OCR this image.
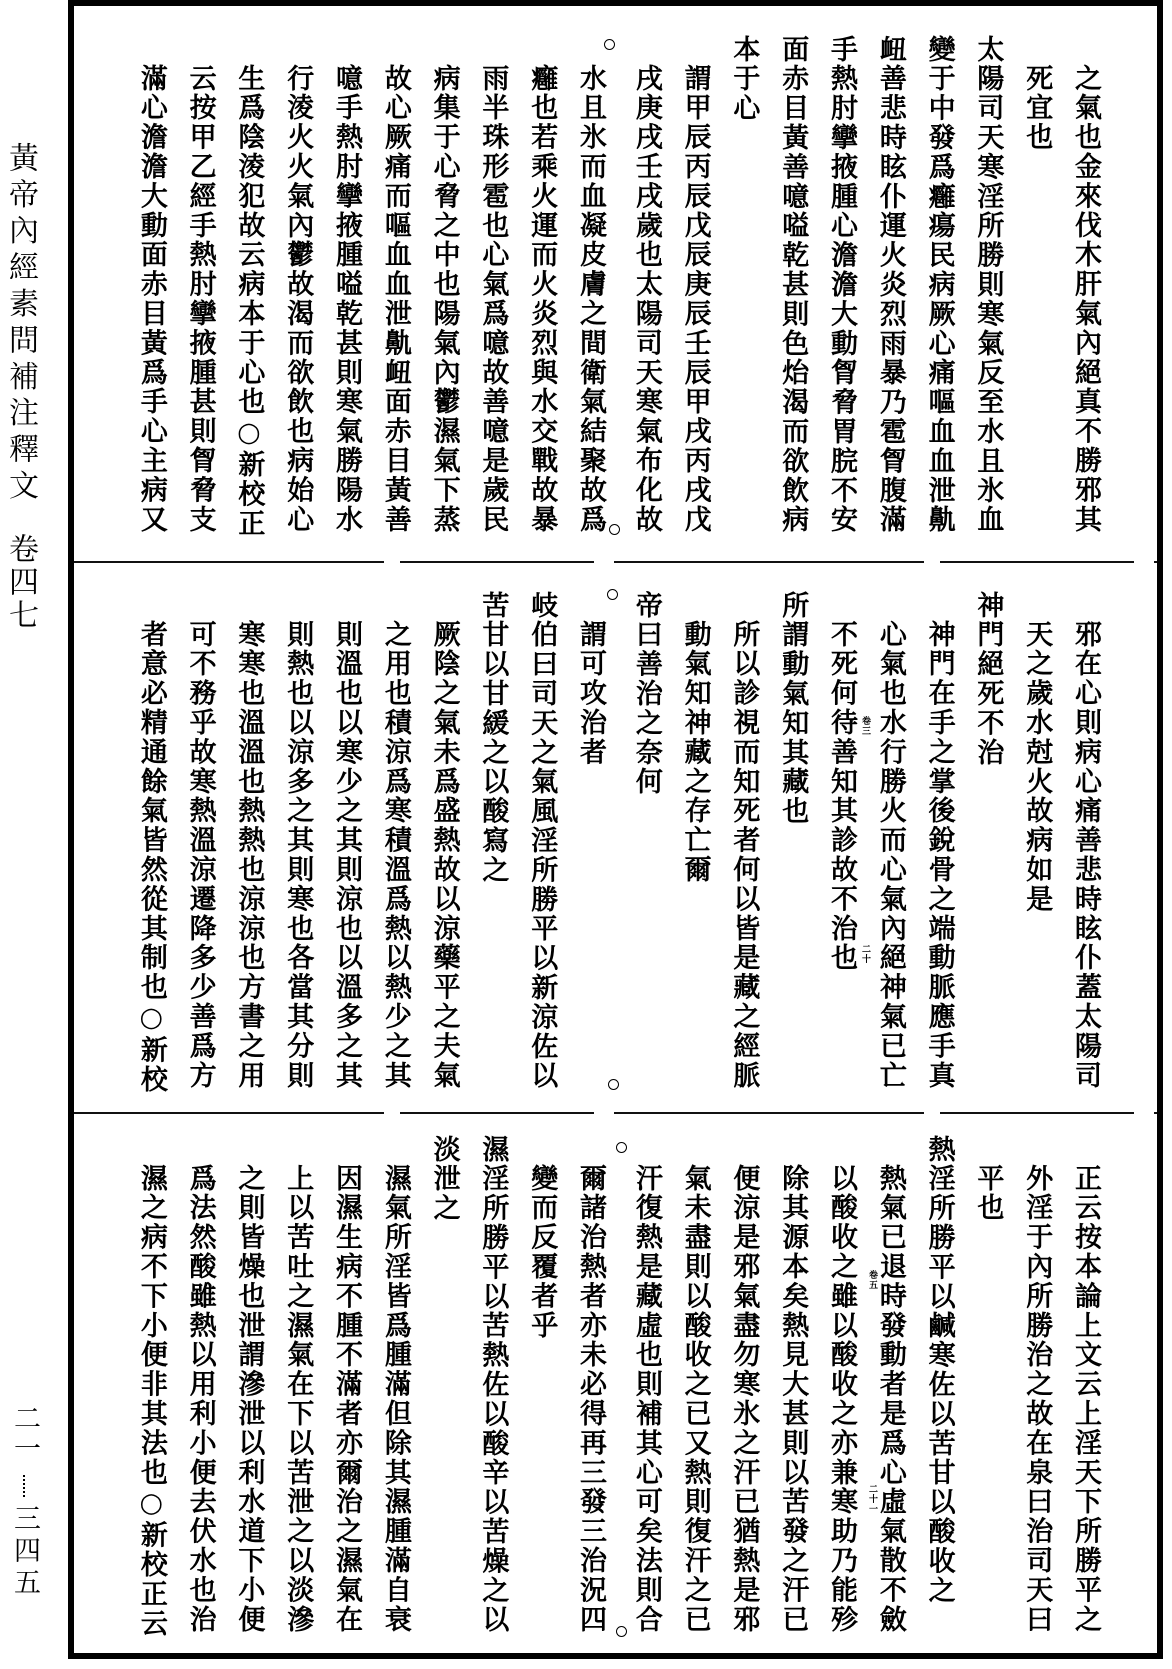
黃帝內經素問補注釋文
卷四七
二一
三四五
之氣也金來伐木肝氣內絕真不勝邪其
死宜也
太陽司天寒淫所勝則寒氣反至水且氷血
變于中發爲癰瘍民病厥心痛嘔血血泄鼽
衄善悲時眩仆運火炎烈雨暴乃雹胷腹滿
手熱肘攣掖腫心澹澹大動胷脅胃脘不安
面赤目黃善噫嗌乾甚則色炲渴而欲飲病
本于心
謂甲辰丙辰戊辰庚辰壬辰甲戌丙戌戊
戌庚戌壬戌歲也太陽司天寒氣布化故
水且氷而血凝皮膚之間衛氣結聚故爲
癰也若乘火運而火炎烈與水交戰故暴
雨半珠形雹也心氣爲噫故善噫是歲民
病集于心脅之中也陽氣內鬱濕氣下蒸
故心厥痛而嘔血血泄鼽衄面赤目黃善
噫手熱肘攣掖腫嗌乾甚則寒氣勝陽水
行淩火火氣內鬱故渴而欲飲也病始心
生爲陰淩犯故云病本于心也○新校正
云按甲乙經手熱肘攣掖腫甚則胷脅支
滿心澹澹大動面赤目黃爲手心主病又
邪在心則病心痛善悲時眩仆蓋太陽司
天之歲水尅火故病如是
神門絕死不治
神門在手之掌後銳骨之端動脈應手真
心氣也水行勝火而心氣內絕神氣已亡
不死何待善知其診故不治也
所謂動氣知其藏也
所以診視而知死者何以皆是藏之經脈
動氣知神藏之存亡爾
帝曰善治之奈何
謂可攻治者
岐伯曰司天之氣風淫所勝平以新涼佐以
苦甘以甘緩之以酸寫之
厥陰之氣未爲盛熱故以涼藥平之夫氣
之用也積涼爲寒積溫爲熱以熱少之其
則溫也以寒少之其則涼也以溫多之其
則熱也以涼多之其則寒也各當其分則
寒寒也溫溫也熱熱也涼涼也方書之用
可不務乎故寒熱溫涼遷降多少善爲方
者意必精通餘氣皆然從其制也○新校	卷三
二十
正云按本論上文云上淫天下所勝平之
外淫于內所勝治之故在泉曰治司天曰
平也
熱淫所勝平以鹹寒佐以苦甘以酸收之
熱氣已退時發動者是爲心虛氣散不斂
以酸收之雖以酸收之亦兼寒助乃能殄
除其源本矣熱見大甚則以苦發之汗已
便涼是邪氣盡勿寒氷之汗已猶熱是邪
氣未盡則以酸收之已又熱則復汗之已
汗復熱是藏虛也則補其心可矣法則合
爾諸治熱者亦未必得再三發三治況四
變而反覆者乎
濕淫所勝平以苦熱佐以酸辛以苦燥之以
淡泄之
濕氣所淫皆爲腫滿但除其濕腫滿自衰
因濕生病不腫不滿者亦爾治之濕氣在
上以苦吐之濕氣在下以苦泄之以淡滲
之則皆燥也泄謂滲泄以利水道下小便
爲法然酸雖熱以用利小便去伏水也治
濕之病不下小便非其法也○新校正云	卷五
二十一
